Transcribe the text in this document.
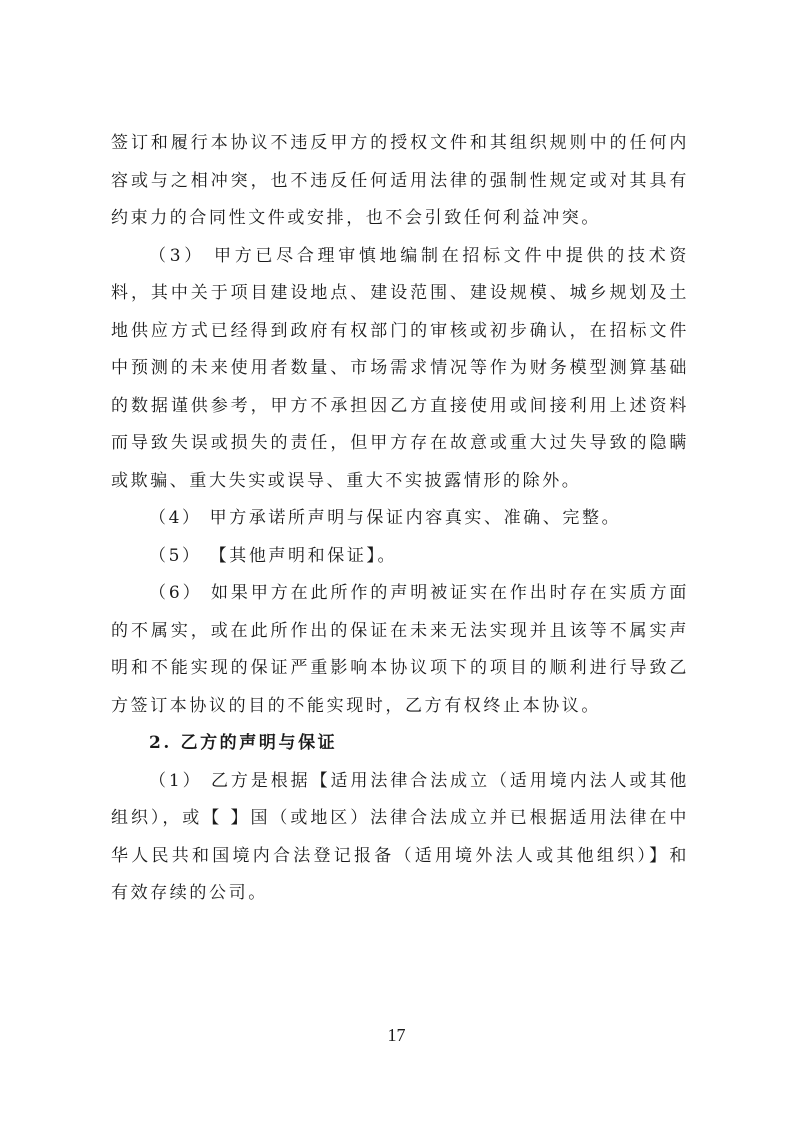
签订和履行本协议不违反甲方的授权文件和其组织规则中的任何内容或与之相冲突，也不违反任何适用法律的强制性规定或对其具有约束力的合同性文件或安排，也不会引致任何利益冲突。

（3） 甲方已尽合理审慎地编制在招标文件中提供的技术资料，其中关于项目建设地点、建设范围、建设规模、城乡规划及土地供应方式已经得到政府有权部门的审核或初步确认，在招标文件中预测的未来使用者数量、市场需求情况等作为财务模型测算基础的数据谨供参考，甲方不承担因乙方直接使用或间接利用上述资料而导致失误或损失的责任，但甲方存在故意或重大过失导致的隐瞒或欺骗、重大失实或误导、重大不实披露情形的除外。

（4） 甲方承诺所声明与保证内容真实、准确、完整。

（5） 【其他声明和保证】。

（6） 如果甲方在此所作的声明被证实在作出时存在实质方面的不属实，或在此所作出的保证在未来无法实现并且该等不属实声明和不能实现的保证严重影响本协议项下的项目的顺利进行导致乙方签订本协议的目的不能实现时，乙方有权终止本协议。

2. 乙方的声明与保证

（1） 乙方是根据【适用法律合法成立（适用境内法人或其他组织），或【 】国（或地区）法律合法成立并已根据适用法律在中华人民共和国境内合法登记报备（适用境外法人或其他组织）】和有效存续的公司。

17
